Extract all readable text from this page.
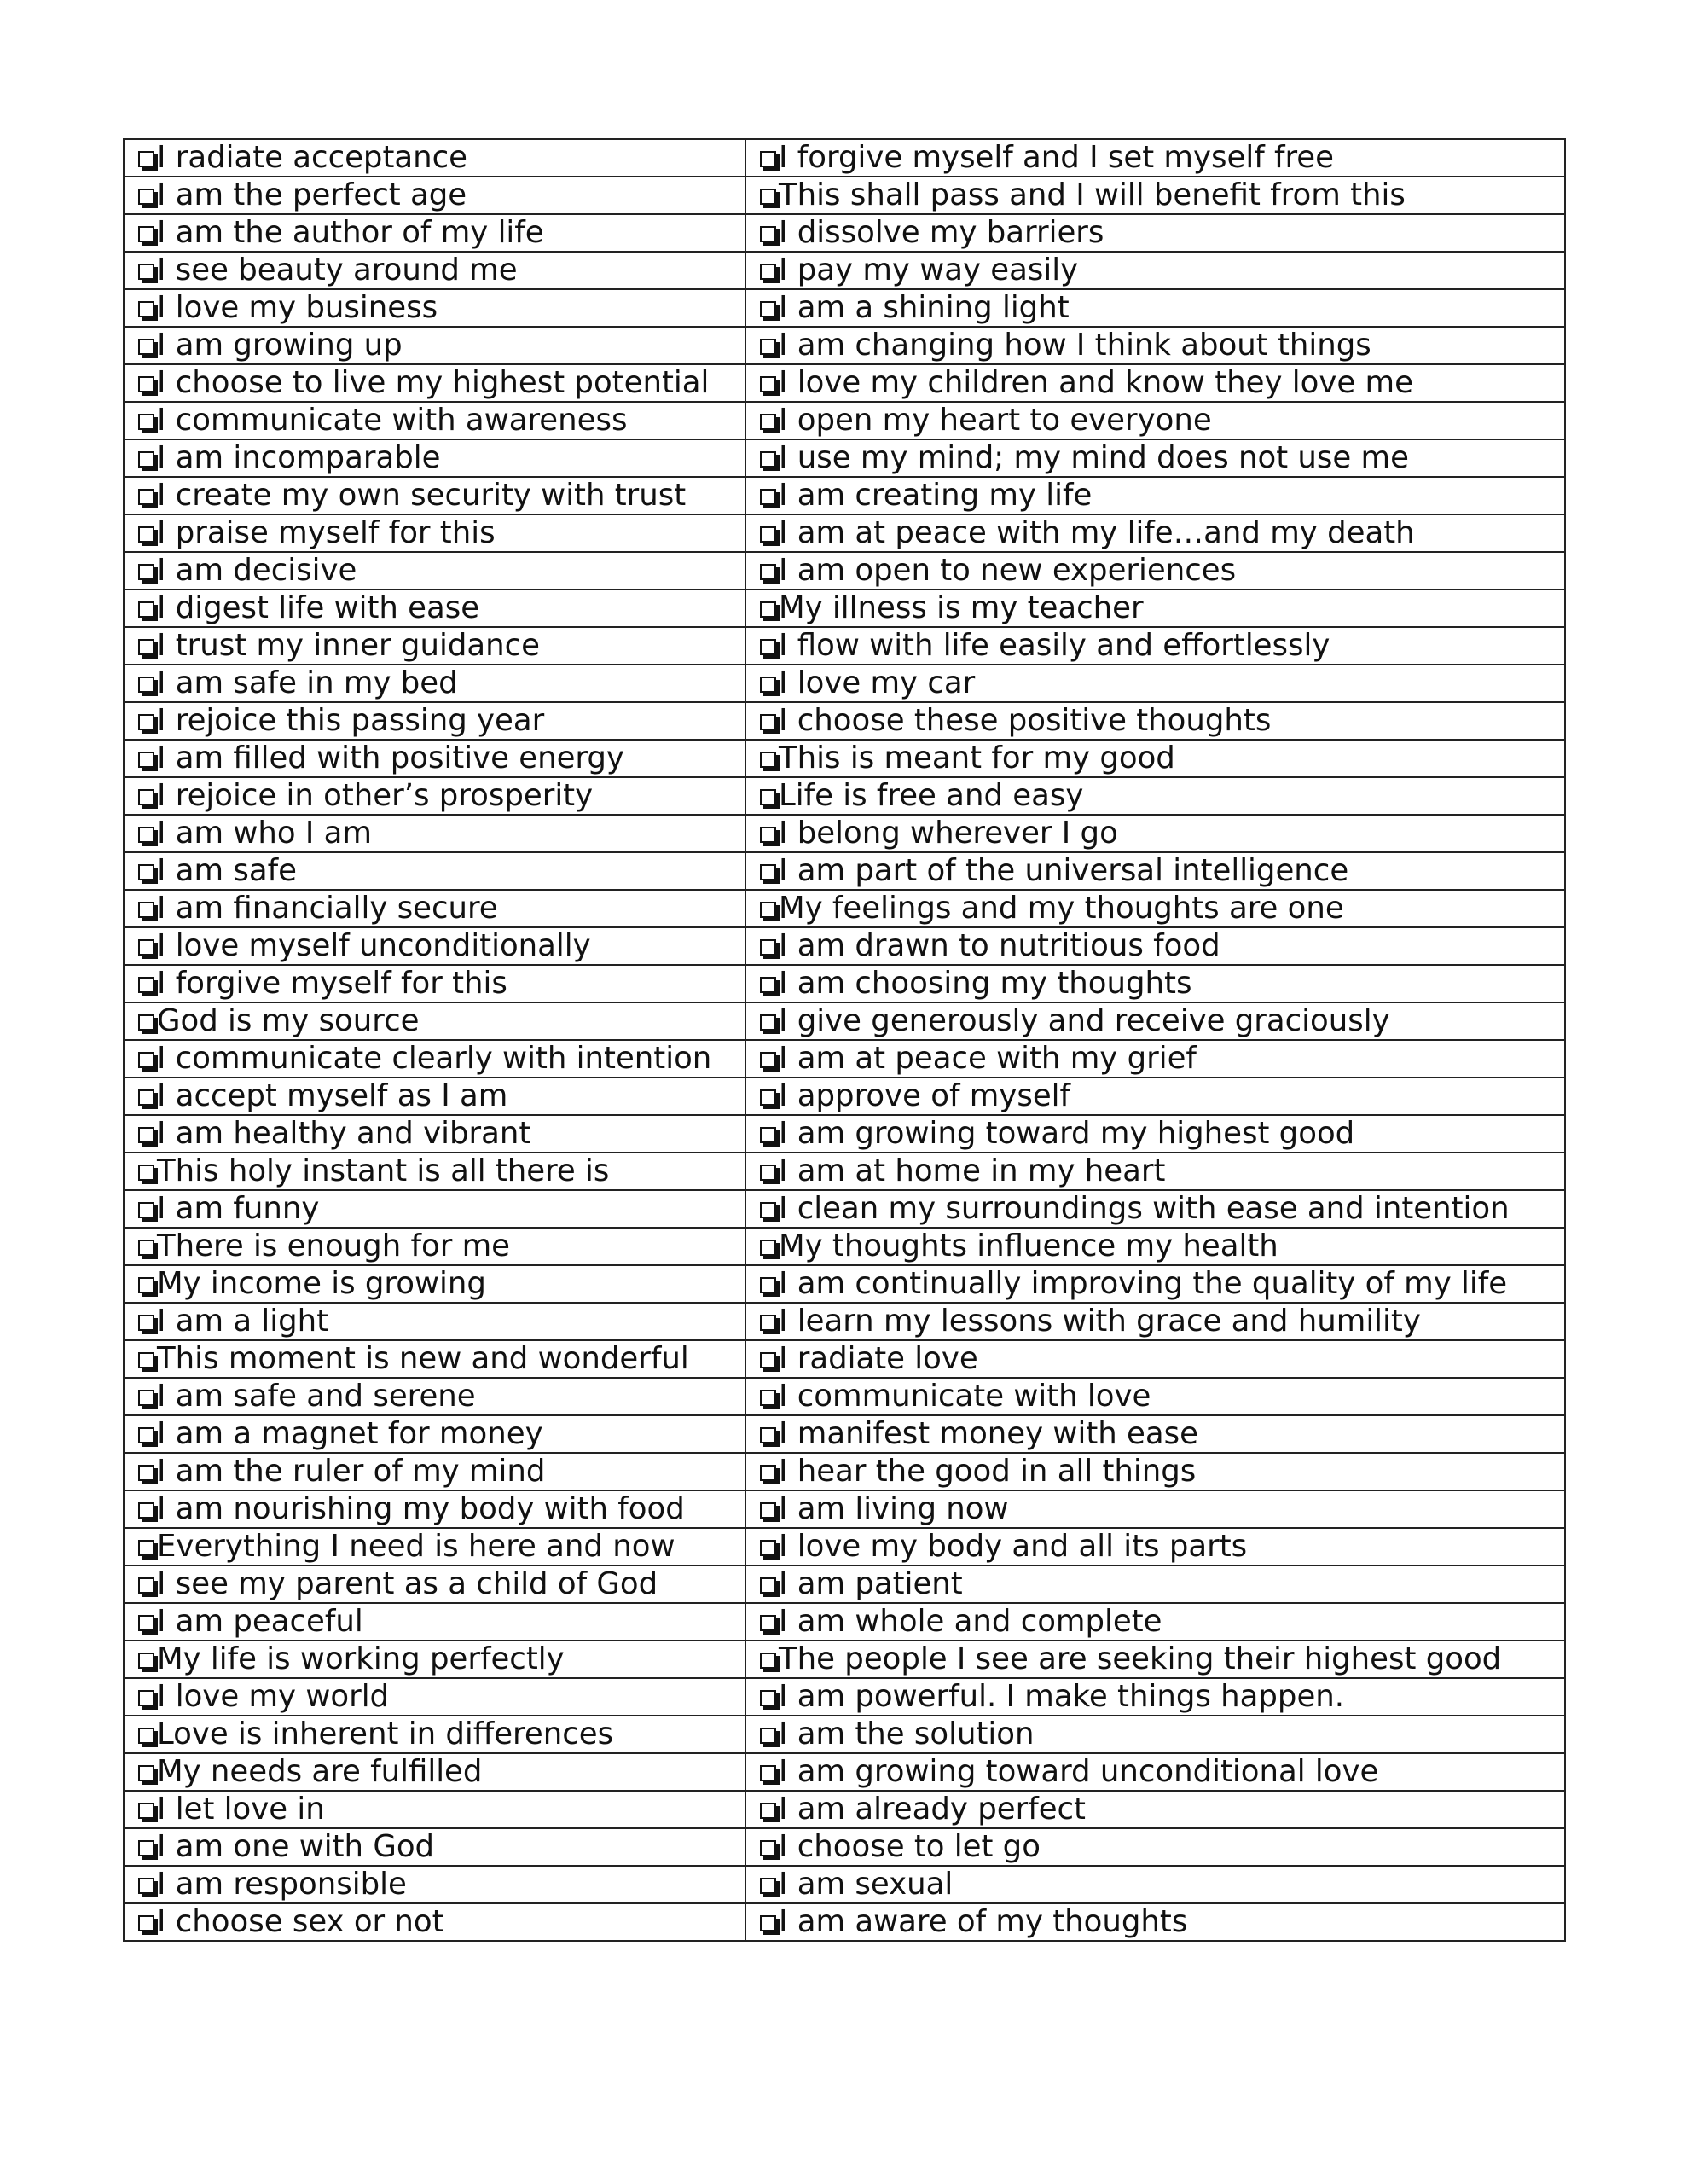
I radiate acceptance	I forgive myself and I set myself free
I am the perfect age	This shall pass and I will benefit from this
I am the author of my life	I dissolve my barriers
I see beauty around me	I pay my way easily
I love my business	I am a shining light
I am growing up	I am changing how I think about things
I choose to live my highest potential	I love my children and know they love me
I communicate with awareness	I open my heart to everyone
I am incomparable	I use my mind; my mind does not use me
I create my own security with trust	I am creating my life
I praise myself for this	I am at peace with my life…and my death
I am decisive	I am open to new experiences
I digest life with ease	My illness is my teacher
I trust my inner guidance	I flow with life easily and effortlessly
I am safe in my bed	I love my car
I rejoice this passing year	I choose these positive thoughts
I am filled with positive energy	This is meant for my good
I rejoice in other’s prosperity	Life is free and easy
I am who I am	I belong wherever I go
I am safe	I am part of the universal intelligence
I am financially secure	My feelings and my thoughts are one
I love myself unconditionally	I am drawn to nutritious food
I forgive myself for this	I am choosing my thoughts
God is my source	I give generously and receive graciously
I communicate clearly with intention	I am at peace with my grief
I accept myself as I am	I approve of myself
I am healthy and vibrant	I am growing toward my highest good
This holy instant is all there is	I am at home in my heart
I am funny	I clean my surroundings with ease and intention
There is enough for me	My thoughts influence my health
My income is growing	I am continually improving the quality of my life
I am a light	I learn my lessons with grace and humility
This moment is new and wonderful	I radiate love
I am safe and serene	I communicate with love
I am a magnet for money	I manifest money with ease
I am the ruler of my mind	I hear the good in all things
I am nourishing my body with food	I am living now
Everything I need is here and now	I love my body and all its parts
I see my parent as a child of God	I am patient
I am peaceful	I am whole and complete
My life is working perfectly	The people I see are seeking their highest good
I love my world	I am powerful. I make things happen.
Love is inherent in differences	I am the solution
My needs are fulfilled	I am growing toward unconditional love
I let love in	I am already perfect
I am one with God	I choose to let go
I am responsible	I am sexual
I choose sex or not	I am aware of my thoughts
